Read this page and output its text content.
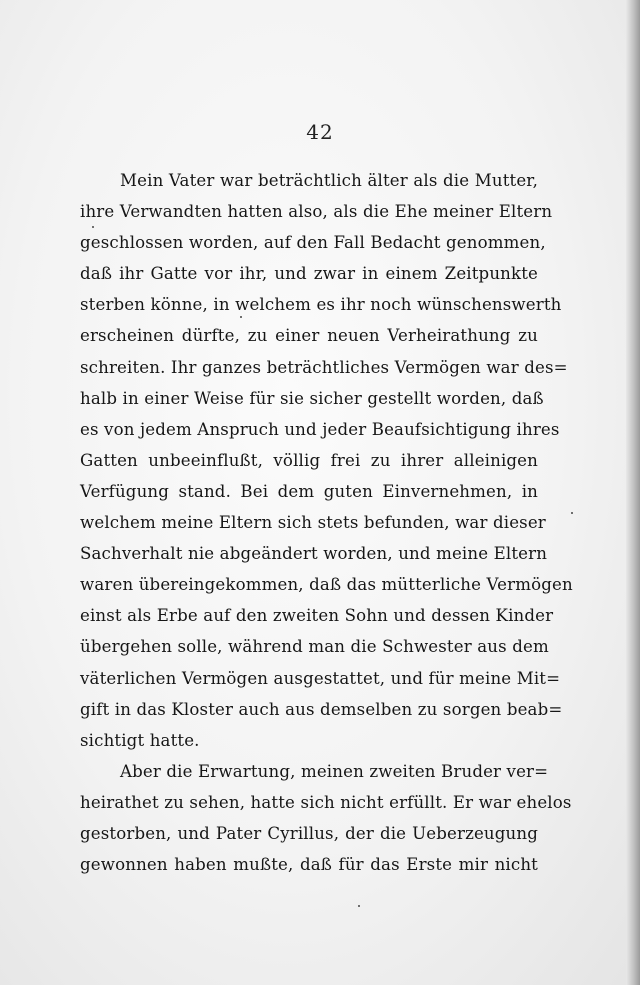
42
Mein Vater war beträchtlich älter als die Mutter,
ihre Verwandten hatten also, als die Ehe meiner Eltern
geschlossen worden, auf den Fall Bedacht genommen,
daß ihr Gatte vor ihr, und zwar in einem Zeitpunkte
sterben könne, in welchem es ihr noch wünschenswerth
erscheinen dürfte, zu einer neuen Verheirathung zu
schreiten. Ihr ganzes beträchtliches Vermögen war des=
halb in einer Weise für sie sicher gestellt worden, daß
es von jedem Anspruch und jeder Beaufsichtigung ihres
Gatten unbeeinflußt, völlig frei zu ihrer alleinigen
Verfügung stand. Bei dem guten Einvernehmen, in
welchem meine Eltern sich stets befunden, war dieser
Sachverhalt nie abgeändert worden, und meine Eltern
waren übereingekommen, daß das mütterliche Vermögen
einst als Erbe auf den zweiten Sohn und dessen Kinder
übergehen solle, während man die Schwester aus dem
väterlichen Vermögen ausgestattet, und für meine Mit=
gift in das Kloster auch aus demselben zu sorgen beab=
sichtigt hatte.
Aber die Erwartung, meinen zweiten Bruder ver=
heirathet zu sehen, hatte sich nicht erfüllt. Er war ehelos
gestorben, und Pater Cyrillus, der die Ueberzeugung
gewonnen haben mußte, daß für das Erste mir nicht
